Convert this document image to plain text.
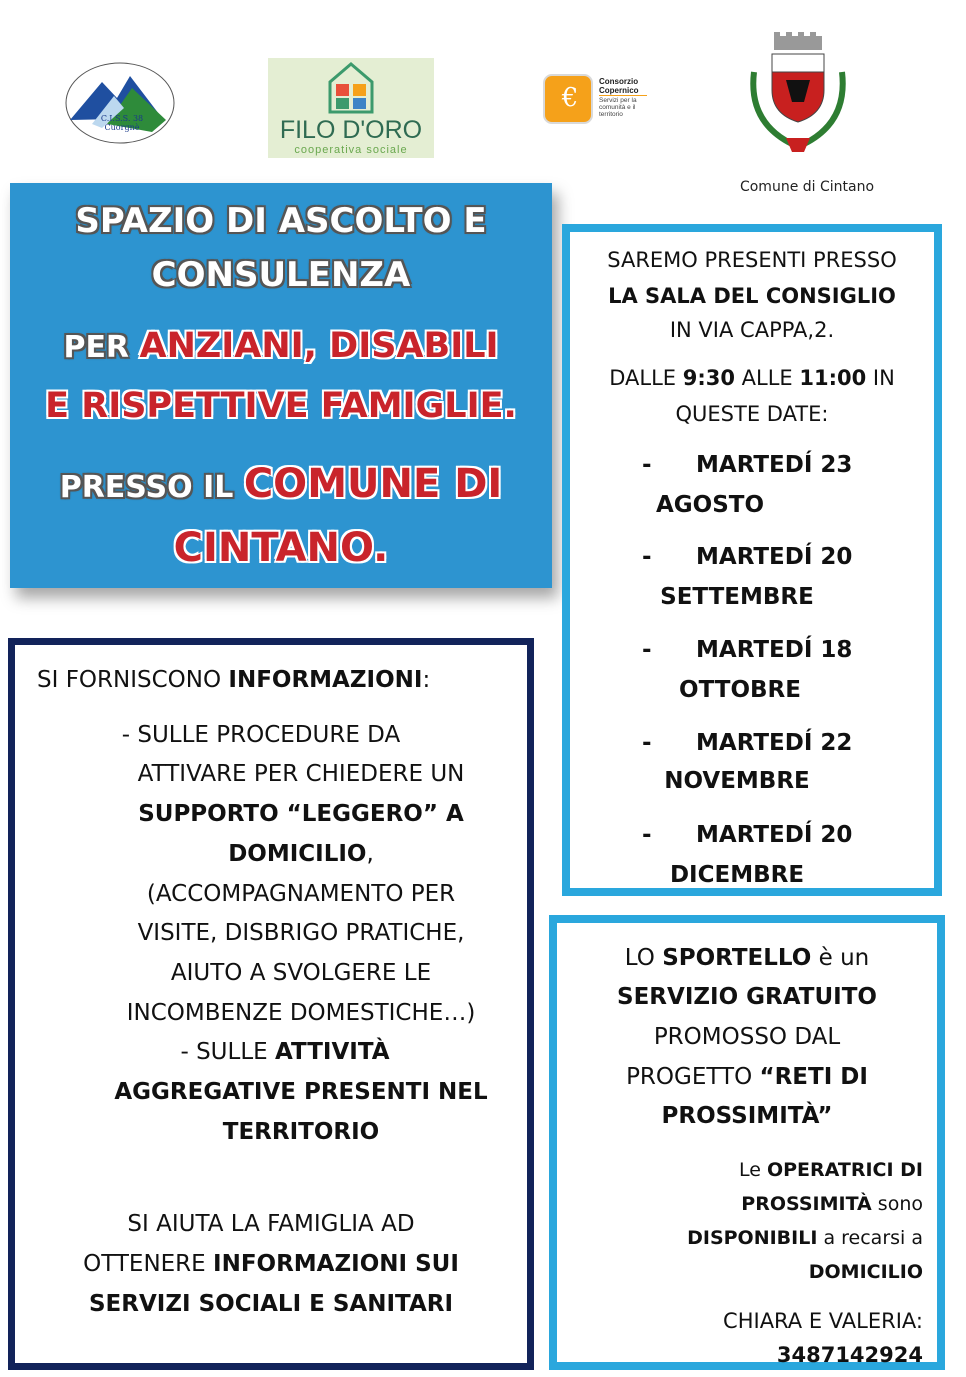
C.I.S.S. 38
Cuorgnè	FILO D'ORO
cooperativa sociale
€
Consorzio
Copernico
Servizi per la comunità e il territorio
Comune di Cintano
SPAZIO DI ASCOLTO E
CONSULENZA
PER ANZIANI, DISABILI
E RISPETTIVE FAMIGLIE.
PRESSO IL COMUNE DI
CINTANO.
SAREMO PRESENTI PRESSO
LA SALA DEL CONSIGLIO
IN VIA CAPPA,2.
DALLE 9:30 ALLE 11:00 IN
QUESTE DATE:
- MARTEDÍ 23
AGOSTO
- MARTEDÍ 20
SETTEMBRE
- MARTEDÍ 18
OTTOBRE
- MARTEDÍ 22
NOVEMBRE
- MARTEDÍ 20
DICEMBRE
SI FORNISCONO INFORMAZIONI:
- SULLE PROCEDURE DA
ATTIVARE PER CHIEDERE UN
SUPPORTO “LEGGERO” A
DOMICILIO,
(ACCOMPAGNAMENTO PER
VISITE, DISBRIGO PRATICHE,
AIUTO A SVOLGERE LE
INCOMBENZE DOMESTICHE…)
- SULLE ATTIVITÀ
AGGREGATIVE PRESENTI NEL
TERRITORIO
SI AIUTA LA FAMIGLIA AD
OTTENERE INFORMAZIONI SUI
SERVIZI SOCIALI E SANITARI
LO SPORTELLO è un
SERVIZIO GRATUITO
PROMOSSO DAL
PROGETTO “RETI DI
PROSSIMITÀ”
Le OPERATRICI DI
PROSSIMITÀ sono
DISPONIBILI a recarsi a
DOMICILIO
CHIARA E VALERIA:
3487142924
